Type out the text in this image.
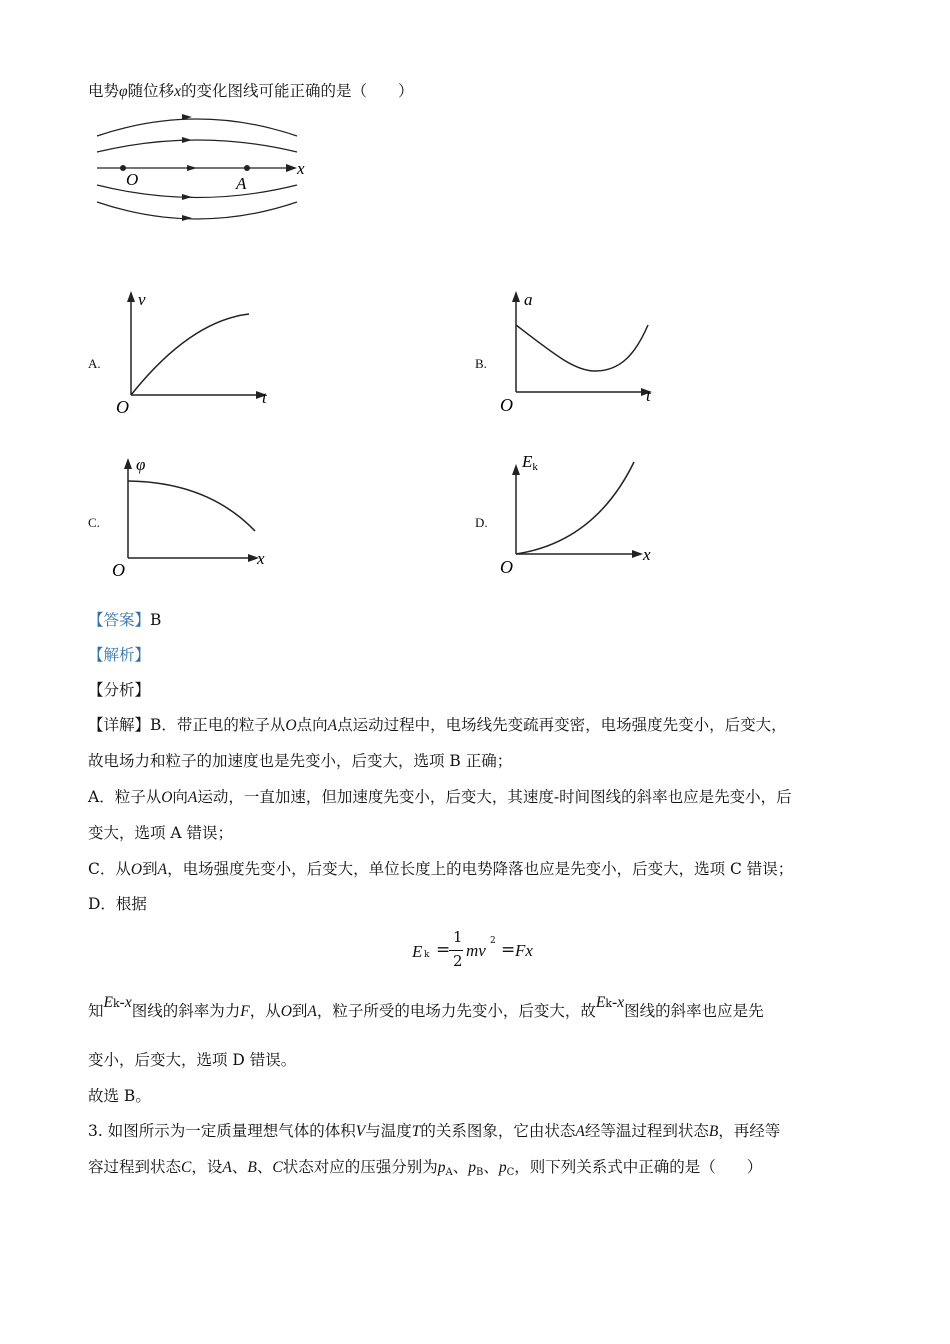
电势φ随位移x的变化图线可能正确的是（　　）
O	A
x
A.
v
t
O
B.
a
t
O
C.
φ
x
O
D.
Ek
x
O
【答案】B
【解析】
【分析】
【详解】B．带正电的粒子从O点向A点运动过程中，电场线先变疏再变密，电场强度先变小，后变大，
故电场力和粒子的加速度也是先变小，后变大，选项 B 正确；
A．粒子从O向A运动，一直加速，但加速度先变小，后变大，其速度-时间图线的斜率也应是先变小，后
变大，选项 A 错误；
C．从O到A，电场强度先变小，后变大，单位长度上的电势降落也应是先变小，后变大，选项 C 错误；
D．根据
E k =
1
2
mv 2 = Fx
知Ek-x图线的斜率为力F，从O到A，粒子所受的电场力先变小，后变大，故Ek-x图线的斜率也应是先
变小，后变大，选项 D 错误。
故选 B。
3. 如图所示为一定质量理想气体的体积V与温度T的关系图象，它由状态A经等温过程到状态B，再经等
容过程到状态C，设A、B、C状态对应的压强分别为$p_A$、$p_B$、$p_C$，则下列关系式中正确的是（　　）
